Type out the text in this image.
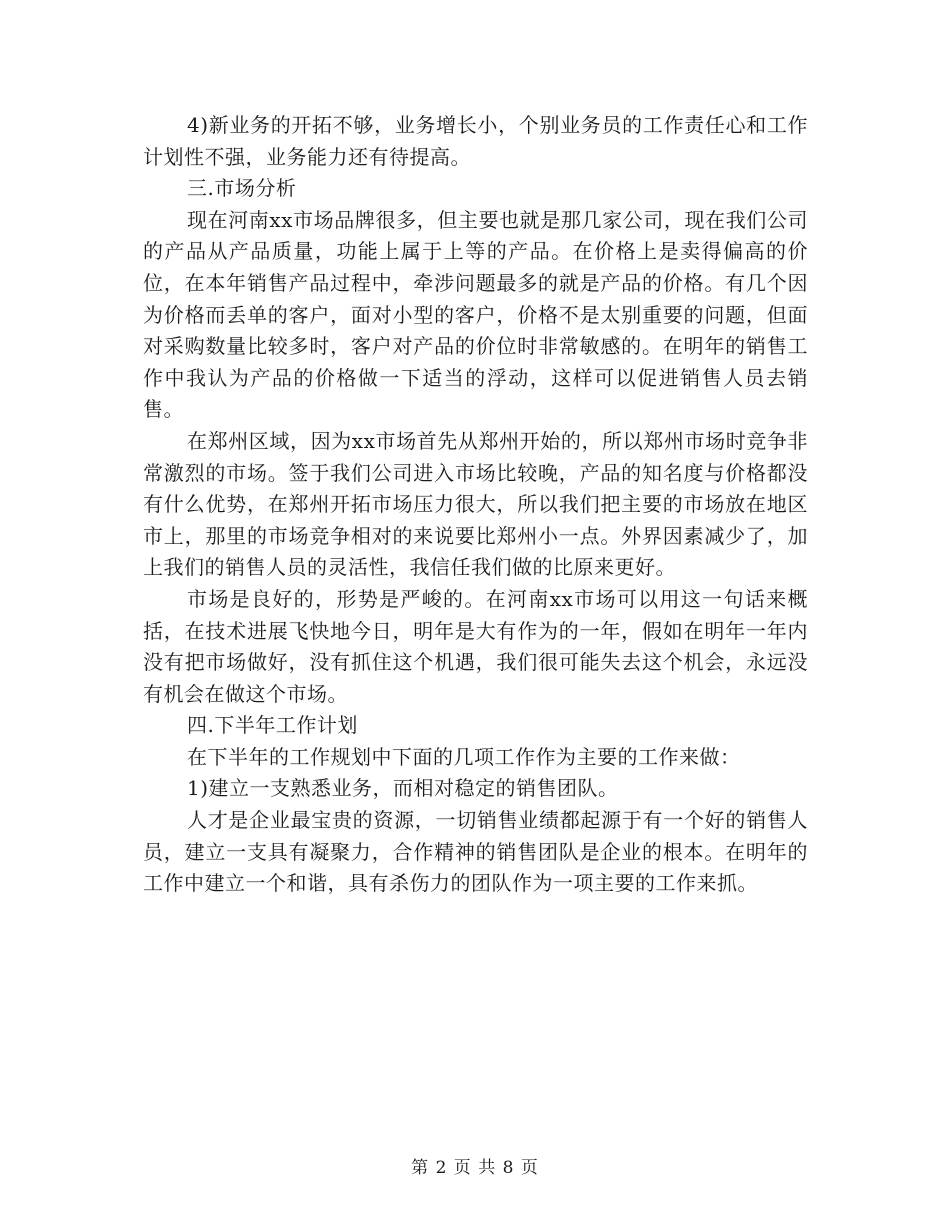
4)新业务的开拓不够，业务增长小，个别业务员的工作责任心和工作计划性不强，业务能力还有待提高。

三.市场分析

现在河南xx市场品牌很多，但主要也就是那几家公司，现在我们公司的产品从产品质量，功能上属于上等的产品。在价格上是卖得偏高的价位，在本年销售产品过程中，牵涉问题最多的就是产品的价格。有几个因为价格而丢单的客户，面对小型的客户，价格不是太别重要的问题，但面对采购数量比较多时，客户对产品的价位时非常敏感的。在明年的销售工作中我认为产品的价格做一下适当的浮动，这样可以促进销售人员去销售。

在郑州区域，因为xx市场首先从郑州开始的，所以郑州市场时竞争非常激烈的市场。签于我们公司进入市场比较晚，产品的知名度与价格都没有什么优势，在郑州开拓市场压力很大，所以我们把主要的市场放在地区市上，那里的市场竞争相对的来说要比郑州小一点。外界因素减少了，加上我们的销售人员的灵活性，我信任我们做的比原来更好。

市场是良好的，形势是严峻的。在河南xx市场可以用这一句话来概括，在技术进展飞快地今日，明年是大有作为的一年，假如在明年一年内没有把市场做好，没有抓住这个机遇，我们很可能失去这个机会，永远没有机会在做这个市场。

四.下半年工作计划

在下半年的工作规划中下面的几项工作作为主要的工作来做：

1)建立一支熟悉业务，而相对稳定的销售团队。

人才是企业最宝贵的资源，一切销售业绩都起源于有一个好的销售人员，建立一支具有凝聚力，合作精神的销售团队是企业的根本。在明年的工作中建立一个和谐，具有杀伤力的团队作为一项主要的工作来抓。

第 2 页 共 8 页
